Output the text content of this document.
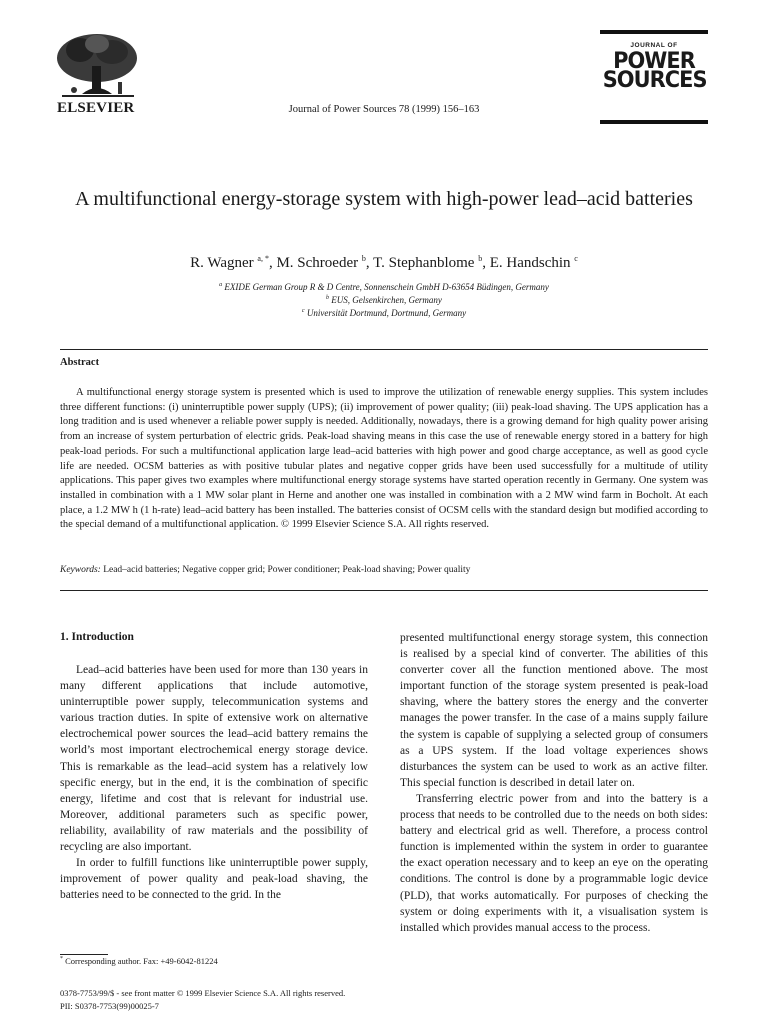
ELSEVIER	Journal of Power Sources 78 (1999) 156–163
JOURNAL OF
POWER
SOURCES
A multifunctional energy-storage system with high-power lead–acid batteries
R. Wagner $^{a, *}$, M. Schroeder $^b$, T. Stephanblome $^b$, E. Handschin $^c$
$^a$ EXIDE German Group R & D Centre, Sonnenschein GmbH D-63654 Büdingen, Germany
$^b$ EUS, Gelsenkirchen, Germany
$^c$ Universität Dortmund, Dortmund, Germany
Abstract
A multifunctional energy storage system is presented which is used to improve the utilization of renewable energy supplies. This system includes three different functions: (i) uninterruptible power supply (UPS); (ii) improvement of power quality; (iii) peak-load shaving. The UPS application has a long tradition and is used whenever a reliable power supply is needed. Additionally, nowadays, there is a growing demand for high quality power arising from an increase of system perturbation of electric grids. Peak-load shaving means in this case the use of renewable energy stored in a battery for high peak-load periods. For such a multifunctional application large lead–acid batteries with high power and good charge acceptance, as well as good cycle life are needed. OCSM batteries as with positive tubular plates and negative copper grids have been used successfully for a multitude of utility applications. This paper gives two examples where multifunctional energy storage systems have started operation recently in Germany. One system was installed in combination with a 1 MW solar plant in Herne and another one was installed in combination with a 2 MW wind farm in Bocholt. At each place, a 1.2 MW h (1 h-rate) lead–acid battery has been installed. The batteries consist of OCSM cells with the standard design but modified according to the special demand of a multifunctional application. © 1999 Elsevier Science S.A. All rights reserved.
Keywords: Lead–acid batteries; Negative copper grid; Power conditioner; Peak-load shaving; Power quality
1. Introduction

Lead–acid batteries have been used for more than 130 years in many different applications that include automotive, uninterruptible power supply, telecommunication systems and various traction duties. In spite of extensive work on alternative electrochemical power sources the lead–acid battery remains the world’s most important electrochemical energy storage device. This is remarkable as the lead–acid system has a relatively low specific energy, but in the end, it is the combination of specific energy, lifetime and cost that is relevant for industrial use. Moreover, additional parameters such as specific power, reliability, availability of raw materials and the possibility of recycling are also important.

In order to fulfill functions like uninterruptible power supply, improvement of power quality and peak-load shaving, the batteries need to be connected to the grid. In the

presented multifunctional energy storage system, this connection is realised by a special kind of converter. The abilities of this converter cover all the function mentioned above. The most important function of the storage system presented is peak-load shaving, where the battery stores the energy and the converter manages the power transfer. In the case of a mains supply failure the system is capable of supplying a selected group of consumers as a UPS system. If the load voltage experiences shows disturbances the system can be used to work as an active filter. This special function is described in detail later on.

Transferring electric power from and into the battery is a process that needs to be controlled due to the needs on both sides: battery and electrical grid as well. Therefore, a process control function is implemented within the system in order to guarantee the exact operation necessary and to keep an eye on the operating conditions. The control is done by a programmable logic device (PLD), that works automatically. For purposes of checking the system or doing experiments with it, a visualisation system is installed which provides manual access to the process.

* Corresponding author. Fax: +49-6042-81224
0378-7753/99/$ - see front matter © 1999 Elsevier Science S.A. All rights reserved.
PII: S0378-7753(99)00025-7
